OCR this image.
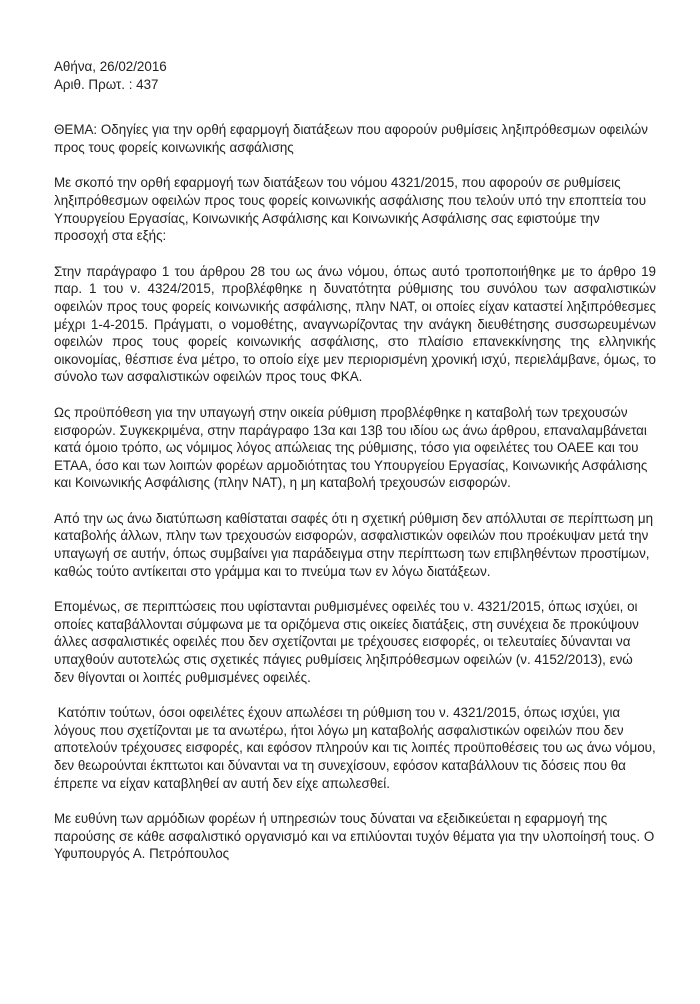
Αθήνα, 26/02/2016

Αριθ. Πρωτ. : 437

ΘΕΜΑ: Οδηγίες για την ορθή εφαρμογή διατάξεων που αφορούν ρυθμίσεις ληξιπρόθεσμων οφειλών προς τους φορείς κοινωνικής ασφάλισης

Με σκοπό την ορθή εφαρμογή των διατάξεων του νόμου 4321/2015, που αφορούν σε ρυθμίσεις ληξιπρόθεσμων οφειλών προς τους φορείς κοινωνικής ασφάλισης που τελούν υπό την εποπτεία του Υπουργείου Εργασίας, Κοινωνικής Ασφάλισης και Κοινωνικής Ασφάλισης σας εφιστούμε την προσοχή στα εξής:

Στην παράγραφο 1 του άρθρου 28 του ως άνω νόμου, όπως αυτό τροποποιήθηκε με το άρθρο 19 παρ. 1 του ν. 4324/2015, προβλέφθηκε η δυνατότητα ρύθμισης του συνόλου των ασφαλιστικών οφειλών προς τους φορείς κοινωνικής ασφάλισης, πλην ΝΑΤ, οι οποίες είχαν καταστεί ληξιπρόθεσμες μέχρι 1-4-2015. Πράγματι, ο νομοθέτης, αναγνωρίζοντας την ανάγκη διευθέτησης συσσωρευμένων οφειλών προς τους φορείς κοινωνικής ασφάλισης, στο πλαίσιο επανεκκίνησης της ελληνικής οικονομίας, θέσπισε ένα μέτρο, το οποίο είχε μεν περιορισμένη χρονική ισχύ, περιελάμβανε, όμως, το σύνολο των ασφαλιστικών οφειλών προς τους ΦΚΑ.

Ως προϋπόθεση για την υπαγωγή στην οικεία ρύθμιση προβλέφθηκε η καταβολή των τρεχουσών εισφορών. Συγκεκριμένα, στην παράγραφο 13α και 13β του ιδίου ως άνω άρθρου, επαναλαμβάνεται κατά όμοιο τρόπο, ως νόμιμος λόγος απώλειας της ρύθμισης, τόσο για οφειλέτες του ΟΑΕΕ και του ΕΤΑΑ, όσο και των λοιπών φορέων αρμοδιότητας του Υπουργείου Εργασίας, Κοινωνικής Ασφάλισης και Κοινωνικής Ασφάλισης (πλην ΝΑΤ), η μη καταβολή τρεχουσών εισφορών.

Από την ως άνω διατύπωση καθίσταται σαφές ότι η σχετική ρύθμιση δεν απόλλυται σε περίπτωση μη καταβολής άλλων, πλην των τρεχουσών εισφορών, ασφαλιστικών οφειλών που προέκυψαν μετά την υπαγωγή σε αυτήν, όπως συμβαίνει για παράδειγμα στην περίπτωση των επιβληθέντων προστίμων, καθώς τούτο αντίκειται στο γράμμα και το πνεύμα των εν λόγω διατάξεων.

Επομένως, σε περιπτώσεις που υφίστανται ρυθμισμένες οφειλές του ν. 4321/2015, όπως ισχύει, οι οποίες καταβάλλονται σύμφωνα με τα οριζόμενα στις οικείες διατάξεις, στη συνέχεια δε προκύψουν άλλες ασφαλιστικές οφειλές που δεν σχετίζονται με τρέχουσες εισφορές, οι τελευταίες δύνανται να υπαχθούν αυτοτελώς στις σχετικές πάγιες ρυθμίσεις ληξιπρόθεσμων οφειλών (ν. 4152/2013), ενώ δεν θίγονται οι λοιπές ρυθμισμένες οφειλές.

Κατόπιν τούτων, όσοι οφειλέτες έχουν απωλέσει τη ρύθμιση του ν. 4321/2015, όπως ισχύει, για λόγους που σχετίζονται με τα ανωτέρω, ήτοι λόγω μη καταβολής ασφαλιστικών οφειλών που δεν αποτελούν τρέχουσες εισφορές, και εφόσον πληρούν και τις λοιπές προϋποθέσεις του ως άνω νόμου, δεν θεωρούνται έκπτωτοι και δύνανται να τη συνεχίσουν, εφόσον καταβάλλουν τις δόσεις που θα έπρεπε να είχαν καταβληθεί αν αυτή δεν είχε απωλεσθεί.

Με ευθύνη των αρμόδιων φορέων ή υπηρεσιών τους δύναται να εξειδικεύεται η εφαρμογή της παρούσης σε κάθε ασφαλιστικό οργανισμό και να επιλύονται τυχόν θέματα για την υλοποίησή τους. Ο Υφυπουργός Α. Πετρόπουλος
